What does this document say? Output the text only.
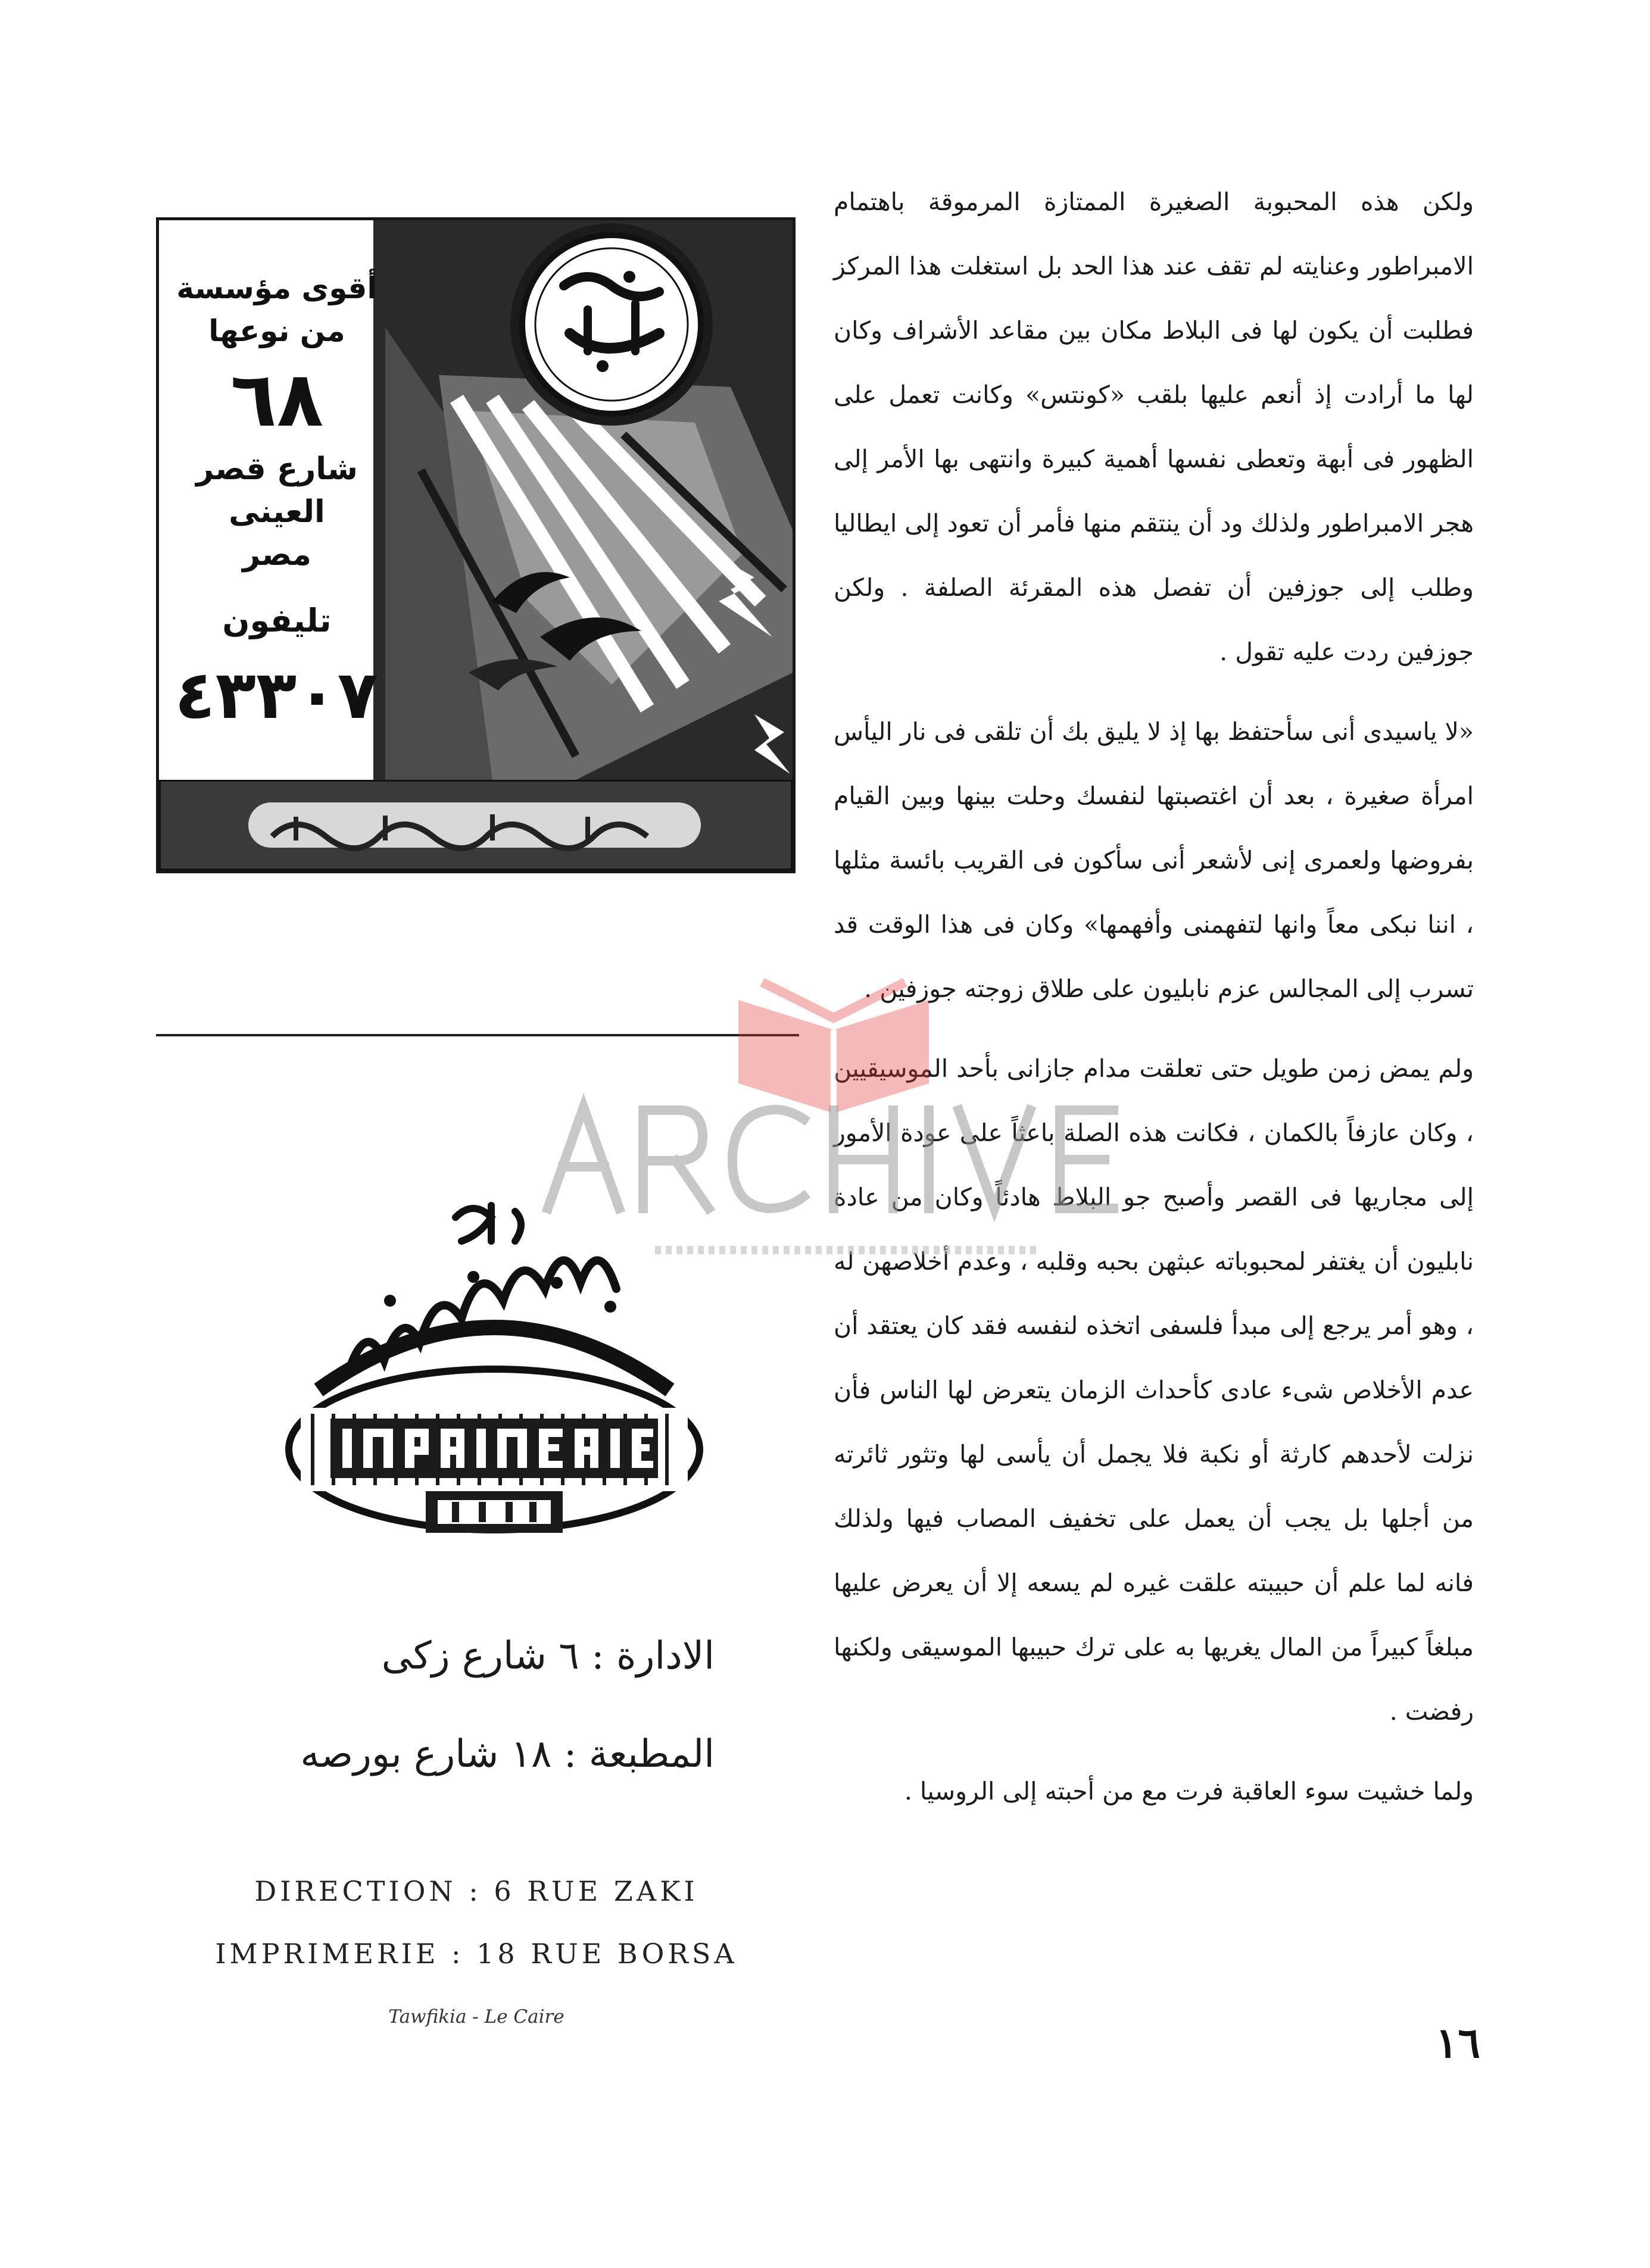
ولكن هذه المحبوبة الصغيرة الممتازة المرموقة باهتمام الامبراطور وعنايته لم تقف عند هذا الحد بل استغلت هذا المركز فطلبت أن يكون لها فى البلاط مكان بين مقاعد الأشراف وكان لها ما أرادت إذ أنعم عليها بلقب «كونتس» وكانت تعمل على الظهور فى أبهة وتعطى نفسها أهمية كبيرة وانتهى بها الأمر إلى هجر الامبراطور ولذلك ود أن ينتقم منها فأمر أن تعود إلى ايطاليا وطلب إلى جوزفين أن تفصل هذه المقرئة الصلفة . ولكن جوزفين ردت عليه تقول .

«لا ياسيدى أنى سأحتفظ بها إذ لا يليق بك أن تلقى فى نار اليأس امرأة صغيرة ، بعد أن اغتصبتها لنفسك وحلت بينها وبين القيام بفروضها ولعمرى إنى لأشعر أنى سأكون فى القريب بائسة مثلها ، اننا نبكى معاً وانها لتفهمنى وأفهمها» وكان فى هذا الوقت قد تسرب إلى المجالس عزم نابليون على طلاق زوجته جوزفين .

ولم يمض زمن طويل حتى تعلقت مدام جازانى بأحد الموسيقيين ، وكان عازفاً بالكمان ، فكانت هذه الصلة باعثاً على عودة الأمور إلى مجاريها فى القصر وأصبح جو البلاط هادئاً وكان من عادة نابليون أن يغتفر لمحبوباته عبثهن بحبه وقلبه ، وعدم أخلاصهن له ، وهو أمر يرجع إلى مبدأ فلسفى اتخذه لنفسه فقد كان يعتقد أن عدم الأخلاص شىء عادى كأحداث الزمان يتعرض لها الناس فأن نزلت لأحدهم كارثة أو نكبة فلا يجمل أن يأسى لها وتثور ثائرته من أجلها بل يجب أن يعمل على تخفيف المصاب فيها ولذلك فانه لما علم أن حبيبته علقت غيره لم يسعه إلا أن يعرض عليها مبلغاً كبيراً من المال يغريها به على ترك حبيبها الموسيقى ولكنها رفضت .

ولما خشيت سوء العاقبة فرت مع من أحبته إلى الروسيا .

١٦
أقوى مؤسسة
من نوعها
٦٨
شارع قصر العينى
مصر
تليفون
٤٣٣٠٧
الادارة : ٦ شارع زكى
المطبعة : ١٨ شارع بورصه
DIRECTION : 6 RUE ZAKI
IMPRIMERIE : 18 RUE BORSA
Tawfikia - Le Caire
